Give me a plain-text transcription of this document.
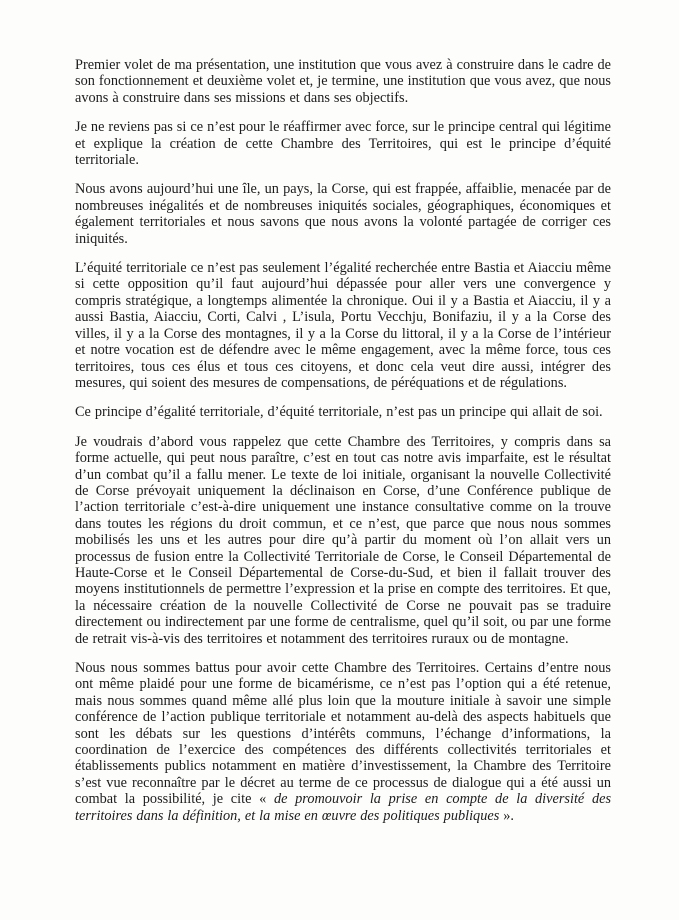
Premier volet de ma présentation, une institution que vous avez à construire dans le cadre de son fonctionnement et deuxième volet et, je termine, une institution que vous avez, que nous avons à construire dans ses missions et dans ses objectifs.

Je ne reviens pas si ce n’est pour le réaffirmer avec force, sur le principe central qui légitime et explique la création de cette Chambre des Territoires, qui est le principe d’équité territoriale.

Nous avons aujourd’hui une île, un pays, la Corse, qui est frappée, affaiblie, menacée par de nombreuses inégalités et de nombreuses iniquités sociales, géographiques, économiques et également territoriales et nous savons que nous avons la volonté partagée de corriger ces iniquités.

L’équité territoriale ce n’est pas seulement l’égalité recherchée entre Bastia et Aiacciu même si cette opposition qu’il faut aujourd’hui dépassée pour aller vers une convergence y compris stratégique, a longtemps alimentée la chronique. Oui il y a Bastia et Aiacciu, il y a aussi Bastia, Aiacciu, Corti, Calvi , L’isula, Portu Vecchju, Bonifaziu, il y a la Corse des villes, il y a la Corse des montagnes, il y a la Corse du littoral, il y a la Corse de l’intérieur et notre vocation est de défendre avec le même engagement, avec la même force, tous ces territoires, tous ces élus et tous ces citoyens, et donc cela veut dire aussi, intégrer des mesures, qui soient des mesures de compensations, de péréquations et de régulations.

Ce principe d’égalité territoriale, d’équité territoriale, n’est pas un principe qui allait de soi.

Je voudrais d’abord vous rappelez que cette Chambre des Territoires, y compris dans sa forme actuelle, qui peut nous paraître, c’est en tout cas notre avis imparfaite, est le résultat d’un combat qu’il a fallu mener. Le texte de loi initiale, organisant la nouvelle Collectivité de Corse prévoyait uniquement la déclinaison en Corse, d’une Conférence publique de l’action territoriale c’est-à-dire uniquement une instance consultative comme on la trouve dans toutes les régions du droit commun, et ce n’est, que parce que nous nous sommes mobilisés les uns et les autres pour dire qu’à partir du moment où l’on allait vers un processus de fusion entre la Collectivité Territoriale de Corse, le Conseil Départemental de Haute-Corse et le Conseil Départemental de Corse-du-Sud, et bien il fallait trouver des moyens institutionnels de permettre l’expression et la prise en compte des territoires. Et que, la nécessaire création de la nouvelle Collectivité de Corse ne pouvait pas se traduire directement ou indirectement par une forme de centralisme, quel qu’il soit, ou par une forme de retrait vis-à-vis des territoires et notamment des territoires ruraux ou de montagne.

Nous nous sommes battus pour avoir cette Chambre des Territoires. Certains d’entre nous ont même plaidé pour une forme de bicamérisme, ce n’est pas l’option qui a été retenue, mais nous sommes quand même allé plus loin que la mouture initiale à savoir une simple conférence de l’action publique territoriale et notamment au-delà des aspects habituels que sont les débats sur les questions d’intérêts communs, l’échange d’informations, la coordination de l’exercice des compétences des différents collectivités territoriales et établissements publics notamment en matière d’investissement, la Chambre des Territoire s’est vue reconnaître par le décret au terme de ce processus de dialogue qui a été aussi un combat la possibilité, je cite « de promouvoir la prise en compte de la diversité des territoires dans la définition, et la mise en œuvre des politiques publiques ».
